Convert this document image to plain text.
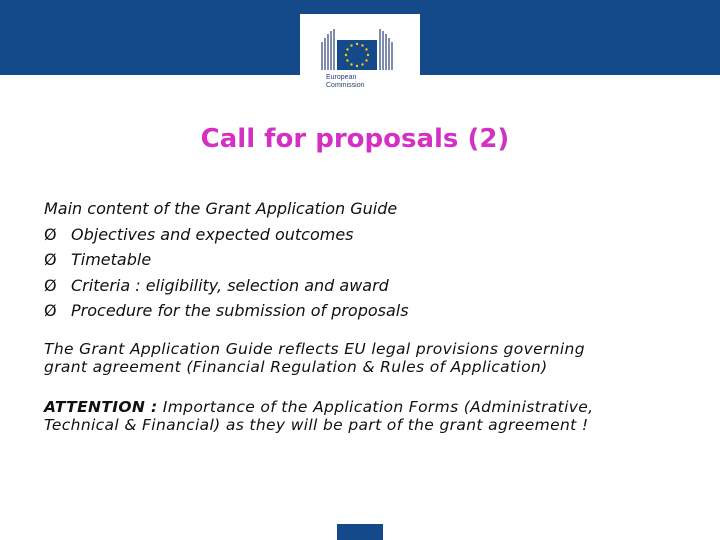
European
Commission
Call for proposals (2)
Main content of the Grant Application Guide
Ø Objectives and expected outcomes
Ø Timetable
Ø Criteria : eligibility, selection and award
Ø Procedure for the submission of proposals
The Grant Application Guide reflects EU legal provisions governing
grant agreement (Financial Regulation & Rules of Application)
ATTENTION : Importance of the Application Forms (Administrative,
Technical & Financial) as they will be part of the grant agreement !
